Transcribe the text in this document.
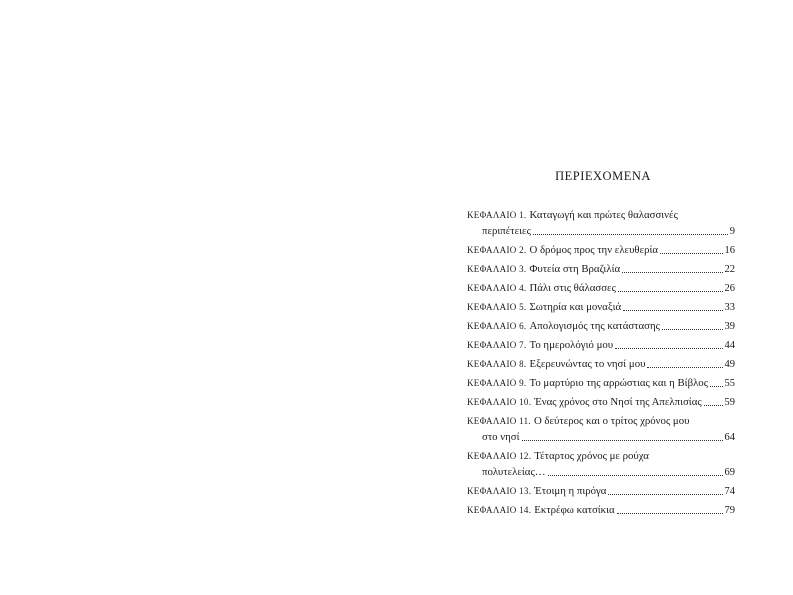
ΠΕΡΙΕΧΟΜΕΝΑ
ΚΕΦΑΛΑΙΟ 1. Καταγωγή και πρώτες θαλασσινές
περιπέτειες	9
ΚΕΦΑΛΑΙΟ 2. Ο δρόμος προς την ελευθερία	16
ΚΕΦΑΛΑΙΟ 3. Φυτεία στη Βραζιλία	22
ΚΕΦΑΛΑΙΟ 4. Πάλι στις θάλασσες	26
ΚΕΦΑΛΑΙΟ 5. Σωτηρία και μοναξιά	33
ΚΕΦΑΛΑΙΟ 6. Απολογισμός της κατάστασης	39
ΚΕΦΑΛΑΙΟ 7. Το ημερολόγιό μου	44
ΚΕΦΑΛΑΙΟ 8. Εξερευνώντας το νησί μου	49
ΚΕΦΑΛΑΙΟ 9. Το μαρτύριο της αρρώστιας και η Βίβλος 55
ΚΕΦΑΛΑΙΟ 10. Ένας χρόνος στο Νησί της Απελπισίας 59
ΚΕΦΑΛΑΙΟ 11. Ο δεύτερος και ο τρίτος χρόνος μου
στο νησί	64
ΚΕΦΑΛΑΙΟ 12. Τέταρτος χρόνος με ρούχα
πολυτελείας…	69
ΚΕΦΑΛΑΙΟ 13. Έτοιμη η πιρόγα	74
ΚΕΦΑΛΑΙΟ 14. Εκτρέφω κατσίκια	79
